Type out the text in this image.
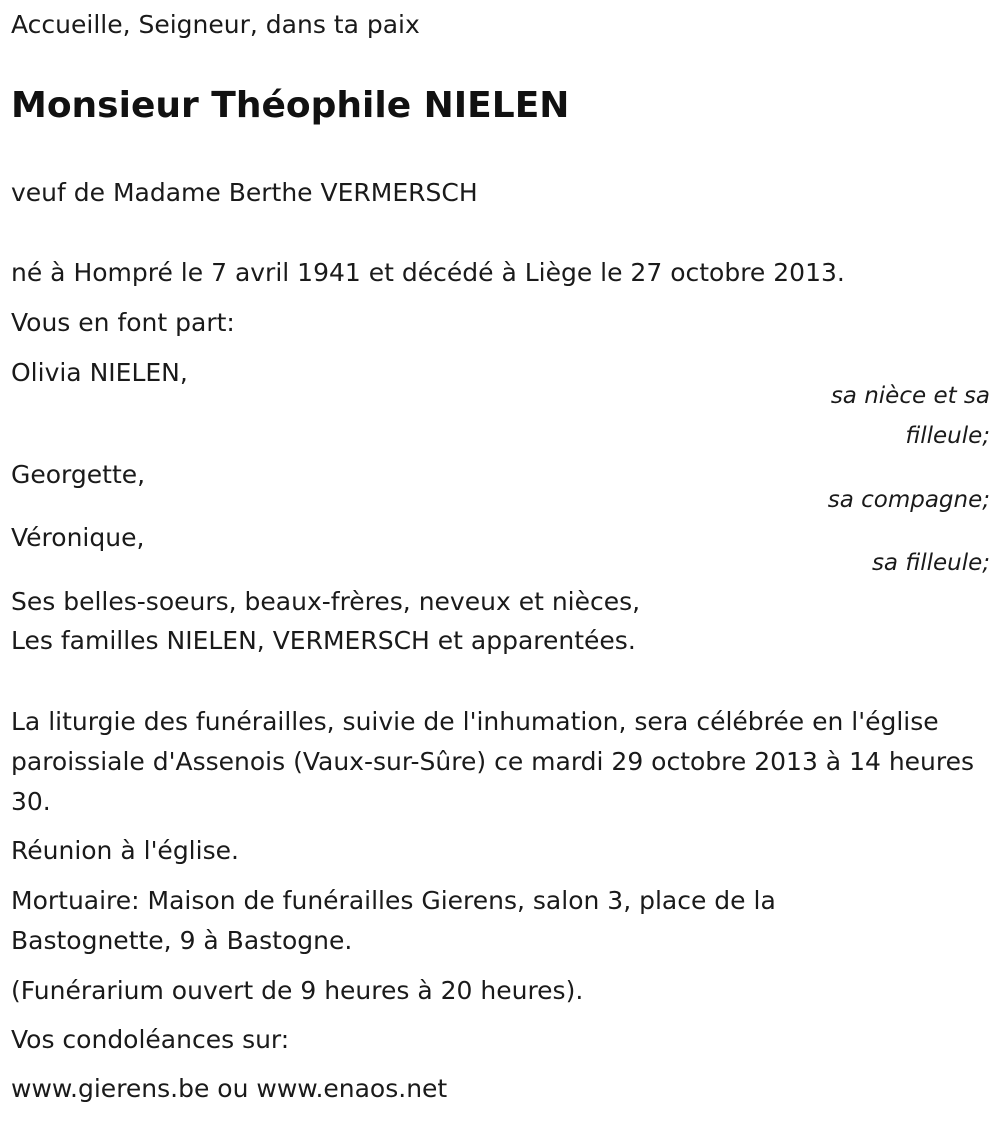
Accueille, Seigneur, dans ta paix

Monsieur Théophile NIELEN

veuf de Madame Berthe VERMERSCH

né à Hompré le 7 avril 1941 et décédé à Liège le 27 octobre 2013.

Vous en font part:

Olivia NIELEN,

sa nièce et sa
filleule;

Georgette,

sa compagne;

Véronique,

sa filleule;

Ses belles-soeurs, beaux-frères, neveux et nièces,

Les familles NIELEN, VERMERSCH et apparentées.

La liturgie des funérailles, suivie de l'inhumation, sera célébrée en l'église paroissiale d'Assenois (Vaux-sur-Sûre) ce mardi 29 octobre 2013 à 14 heures 30.

Réunion à l'église.

Mortuaire: Maison de funérailles Gierens, salon 3, place de la Bastognette, 9 à Bastogne.

(Funérarium ouvert de 9 heures à 20 heures).

Vos condoléances sur:

www.gierens.be ou www.enaos.net
